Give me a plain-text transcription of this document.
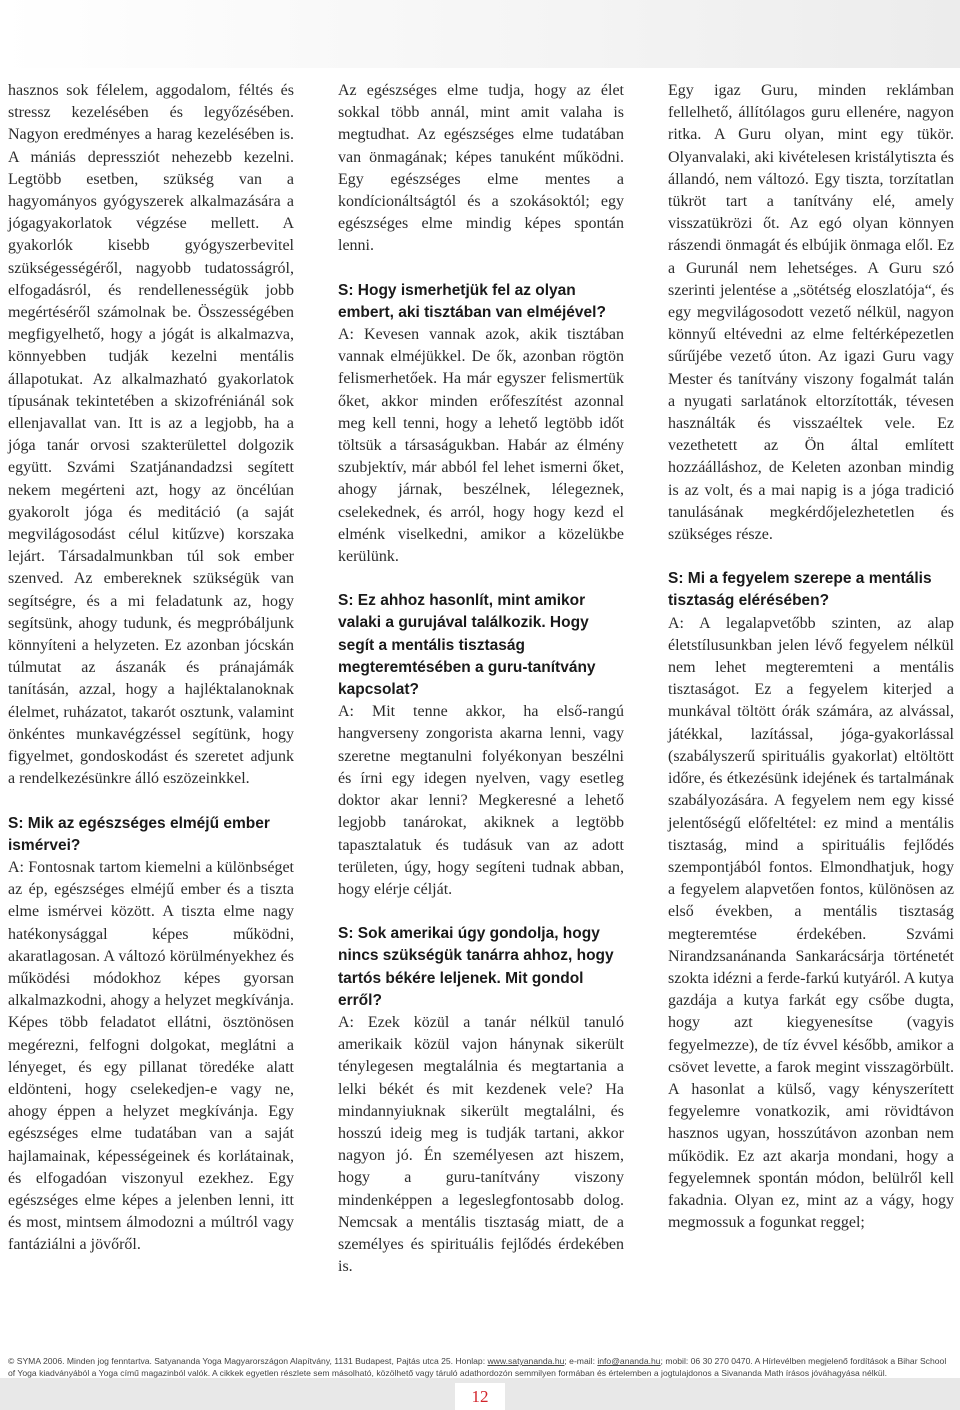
hasznos sok félelem, aggodalom, féltés és stressz kezelésében és legyőzésében. Nagyon eredményes a harag kezelésében is. A mániás depressziót nehezebb kezelni. Legtöbb esetben, szükség van a hagyományos gyógyszerek alkalmazására a jógagyakorlatok végzése mellett. A gyakorlók kisebb gyógyszerbevitel szükségességéről, nagyobb tudatosságról, elfogadásról, és rendellenességük jobb megértéséről számolnak be. Összességében megfigyelhető, hogy a jógát is alkalmazva, könnyebben tudják kezelni mentális állapotukat. Az alkalmazható gyakorlatok típusának tekintetében a skizofréniánál sok ellenjavallat van. Itt is az a legjobb, ha a jóga tanár orvosi szakterülettel dolgozik együtt. Szvámi Szatjánandadzsi segített nekem megérteni azt, hogy az öncélúan gyakorolt jóga és meditáció (a saját megvilágosodást célul kitűzve) korszaka lejárt. Társadalmunkban túl sok ember szenved. Az embereknek szükségük van segítségre, és a mi feladatunk az, hogy segítsünk, ahogy tudunk, és megpróbáljunk könnyíteni a helyzeten. Ez azonban jócskán túlmutat az ászanák és pránajámák tanításán, azzal, hogy a hajléktalanoknak élelmet, ruházatot, takarót osztunk, valamint önkéntes munkavégzéssel segítünk, hogy figyelmet, gondoskodást és szeretet adjunk a rendelkezésünkre álló eszözeinkkel.

S: Mik az egészséges elméjű ember ismérvei?

A: Fontosnak tartom kiemelni a különbséget az ép, egészséges elméjű ember és a tiszta elme ismérvei között. A tiszta elme nagy hatékonysággal képes működni, akaratlagosan. A változó körülményekhez és működési módokhoz képes gyorsan alkalmazkodni, ahogy a helyzet megkívánja. Képes több feladatot ellátni, ösztönösen megérezni, felfogni dolgokat, meglátni a lényeget, és egy pillanat töredéke alatt eldönteni, hogy cselekedjen-e vagy ne, ahogy éppen a helyzet megkívánja. Egy egészséges elme tudatában van a saját hajlamainak, képességeinek és korlátainak, és elfogadóan viszonyul ezekhez. Egy egészséges elme képes a jelenben lenni, itt és most, mintsem álmodozni a múltról vagy fantáziálni a jövőről.

Az egészséges elme tudja, hogy az élet sokkal több annál, mint amit valaha is megtudhat. Az egészséges elme tudatában van önmagának; képes tanuként működni. Egy egészséges elme mentes a kondícionáltságtól és a szokásoktól; egy egészséges elme mindig képes spontán lenni.

S: Hogy ismerhetjük fel az olyan embert, aki tisztában van elméjével?

A: Kevesen vannak azok, akik tisztában vannak elméjükkel. De ők, azonban rögtön felismerhetőek. Ha már egyszer felismertük őket, akkor minden erőfeszítést azonnal meg kell tenni, hogy a lehető legtöbb időt töltsük a társaságukban. Habár az élmény szubjektív, már abból fel lehet ismerni őket, ahogy járnak, beszélnek, lélegeznek, cselekednek, és arról, hogy hogy kezd el elménk viselkedni, amikor a közelükbe kerülünk.

S: Ez ahhoz hasonlít, mint amikor valaki a gurujával találkozik. Hogy segít a mentális tisztaság megteremtésében a guru-tanítvány kapcsolat?

A: Mit tenne akkor, ha első-rangú hangverseny zongorista akarna lenni, vagy szeretne megtanulni folyékonyan beszélni és írni egy idegen nyelven, vagy esetleg doktor akar lenni? Megkeresné a lehető legjobb tanárokat, akiknek a legtöbb tapasztalatuk és tudásuk van az adott területen, úgy, hogy segíteni tudnak abban, hogy elérje célját.

S: Sok amerikai úgy gondolja, hogy nincs szükségük tanárra ahhoz, hogy tartós békére leljenek. Mit gondol erről?

A: Ezek közül a tanár nélkül tanuló amerikaik közül vajon hánynak sikerült ténylegesen megtalálnia és megtartania a lelki békét és mit kezdenek vele? Ha mindannyiuknak sikerült megtalálni, és hosszú ideig meg is tudják tartani, akkor nagyon jó. Én személyesen azt hiszem, hogy a guru-tanítvány viszony mindenképpen a legeslegfontosabb dolog. Nemcsak a mentális tisztaság miatt, de a személyes és spirituális fejlődés érdekében is.

Egy igaz Guru, minden reklámban fellelhető, állítólagos guru ellenére, nagyon ritka. A Guru olyan, mint egy tükör. Olyanvalaki, aki kivételesen kristálytiszta és állandó, nem változó. Egy tiszta, torzítatlan tükröt tart a tanítvány elé, amely visszatükrözi őt. Az egó olyan könnyen rászendi önmagát és elbújik önmaga elől. Ez a Gurunál nem lehetséges. A Guru szó szerinti jelentése a „sötétség eloszlatója“, és egy megvilágosodott vezető nélkül, nagyon könnyű eltévedni az elme feltérképezetlen sűrűjébe vezető úton. Az igazi Guru vagy Mester és tanítvány viszony fogalmát talán a nyugati sarlatánok eltorzították, tévesen használták és visszaéltek vele. Ez vezethetett az Ön által említett hozzáálláshoz, de Keleten azonban mindig is az volt, és a mai napig is a jóga tradició tanulásának megkérdőjelezhetetlen és szükséges része.

S: Mi a fegyelem szerepe a mentális tisztaság elérésében?

A: A legalapvetőbb szinten, az alap életstílusunkban jelen lévő fegyelem nélkül nem lehet megteremteni a mentális tisztaságot. Ez a fegyelem kiterjed a munkával töltött órák számára, az alvással, játékkal, lazítással, jóga-gyakorlással (szabályszerű spirituális gyakorlat) eltöltött időre, és étkezésünk idejének és tartalmának szabályozására. A fegyelem nem egy kissé jelentőségű előfeltétel: ez mind a mentális tisztaság, mind a spirituális fejlődés szempontjából fontos. Elmondhatjuk, hogy a fegyelem alapvetően fontos, különösen az első években, a mentális tisztaság megteremtése érdekében. Szvámi Nirandzsanánanda Sankarácsárja történetét szokta idézni a ferde-farkú kutyáról. A kutya gazdája a kutya farkát egy csőbe dugta, hogy azt kiegyenesítse (vagyis fegyelmezze), de tíz évvel később, amikor a csövet levette, a farok megint visszagörbült. A hasonlat a külső, vagy kényszerített fegyelemre vonatkozik, ami rövidtávon hasznos ugyan, hosszútávon azonban nem működik. Ez azt akarja mondani, hogy a fegyelemnek spontán módon, belülről kell fakadnia. Olyan ez, mint az a vágy, hogy megmossuk a fogunkat reggel;

© SYMA 2006. Minden jog fenntartva. Satyananda Yoga Magyarországon Alapítvány, 1131 Budapest, Pajtás utca 25. Honlap: www.satyananda.hu; e-mail: info@ananda.hu; mobil: 06 30 270 0470. A Hírlevélben megjelenő fordítások a Bihar School of Yoga kiadványából a Yoga című magazinból valók. A cikkek egyetlen részlete sem másolható, közölhető vagy táruló adathordozón semmilyen formában és értelemben a jogtulajdonos a Sivananda Math írásos jóváhagyása nélkül.
12
